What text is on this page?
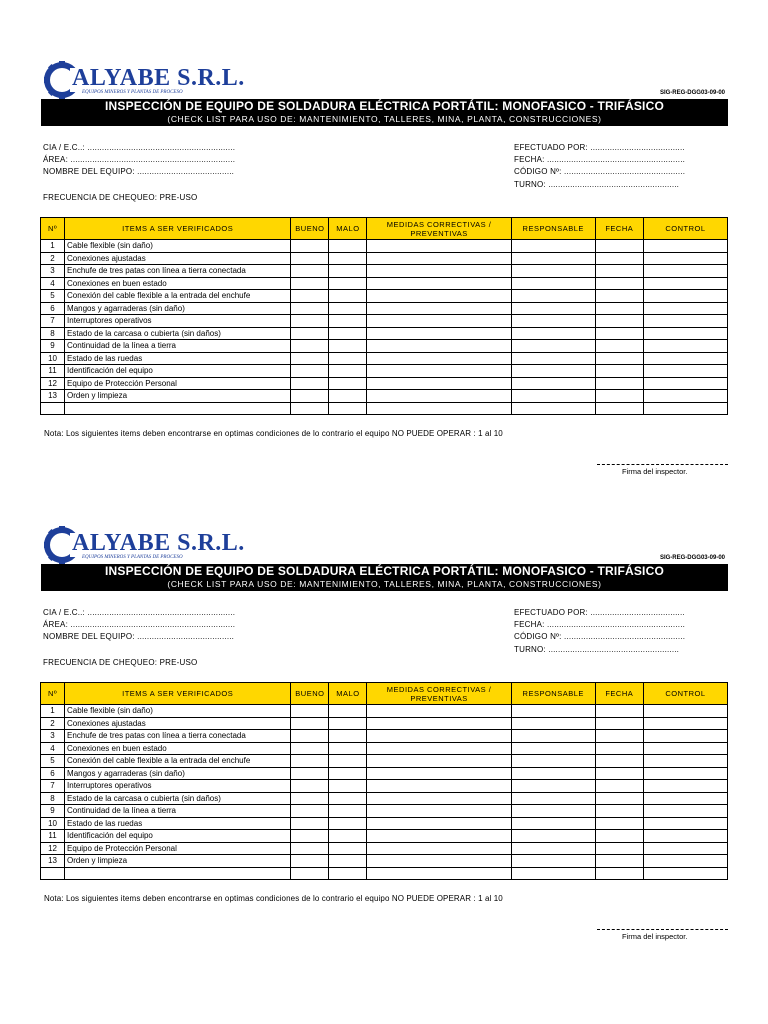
ALYABE S.R.L.
EQUIPOS MINEROS Y PLANTAS DE PROCESO	SIG-REG-DGG03-09-00
INSPECCIÓN DE EQUIPO DE SOLDADURA ELÉCTRICA PORTÁTIL: MONOFASICO - TRIFÁSICO
(CHECK LIST PARA USO DE: MANTENIMIENTO, TALLERES, MINA, PLANTA, CONSTRUCCIONES)
CIA / E.C..: .............................................................
ÁREA: ....................................................................
NOMBRE DEL EQUIPO: ........................................
FRECUENCIA DE CHEQUEO: PRE-USO
EFECTUADO POR: .......................................
FECHA: .........................................................
CÓDIGO Nº: ..................................................
TURNO: ......................................................
Nº	ITEMS A SER VERIFICADOS	BUENO	MALO	MEDIDAS CORRECTIVAS / PREVENTIVAS	RESPONSABLE	FECHA	CONTROL
1	Cable flexible (sin daño)						
2	Conexiones ajustadas						
3	Enchufe de tres patas con línea a tierra conectada						
4	Conexiones en buen estado						
5	Conexión del cable flexible a la entrada del enchufe						
6	Mangos y agarraderas (sin daño)						
7	Interruptores operativos						
8	Estado de la carcasa o cubierta (sin daños)						
9	Continuidad de la línea a tierra						
10	Estado de las ruedas						
11	Identificación del equipo						
12	Equipo de Protección Personal						
13	Orden y limpieza						

Nota: Los siguientes items deben encontrarse en optimas condiciones de lo contrario el equipo NO PUEDE OPERAR : 1 al 10
Firma del inspector.
ALYABE S.R.L.
EQUIPOS MINEROS Y PLANTAS DE PROCESO	SIG-REG-DGG03-09-00
INSPECCIÓN DE EQUIPO DE SOLDADURA ELÉCTRICA PORTÁTIL: MONOFASICO - TRIFÁSICO
(CHECK LIST PARA USO DE: MANTENIMIENTO, TALLERES, MINA, PLANTA, CONSTRUCCIONES)
CIA / E.C..: .............................................................
ÁREA: ....................................................................
NOMBRE DEL EQUIPO: ........................................
FRECUENCIA DE CHEQUEO: PRE-USO
EFECTUADO POR: .......................................
FECHA: .........................................................
CÓDIGO Nº: ..................................................
TURNO: ......................................................
Nº	ITEMS A SER VERIFICADOS	BUENO	MALO	MEDIDAS CORRECTIVAS / PREVENTIVAS	RESPONSABLE	FECHA	CONTROL
1	Cable flexible (sin daño)						
2	Conexiones ajustadas						
3	Enchufe de tres patas con línea a tierra conectada						
4	Conexiones en buen estado						
5	Conexión del cable flexible a la entrada del enchufe						
6	Mangos y agarraderas (sin daño)						
7	Interruptores operativos						
8	Estado de la carcasa o cubierta (sin daños)						
9	Continuidad de la línea a tierra						
10	Estado de las ruedas						
11	Identificación del equipo						
12	Equipo de Protección Personal						
13	Orden y limpieza						

Nota: Los siguientes items deben encontrarse en optimas condiciones de lo contrario el equipo NO PUEDE OPERAR : 1 al 10
Firma del inspector.
